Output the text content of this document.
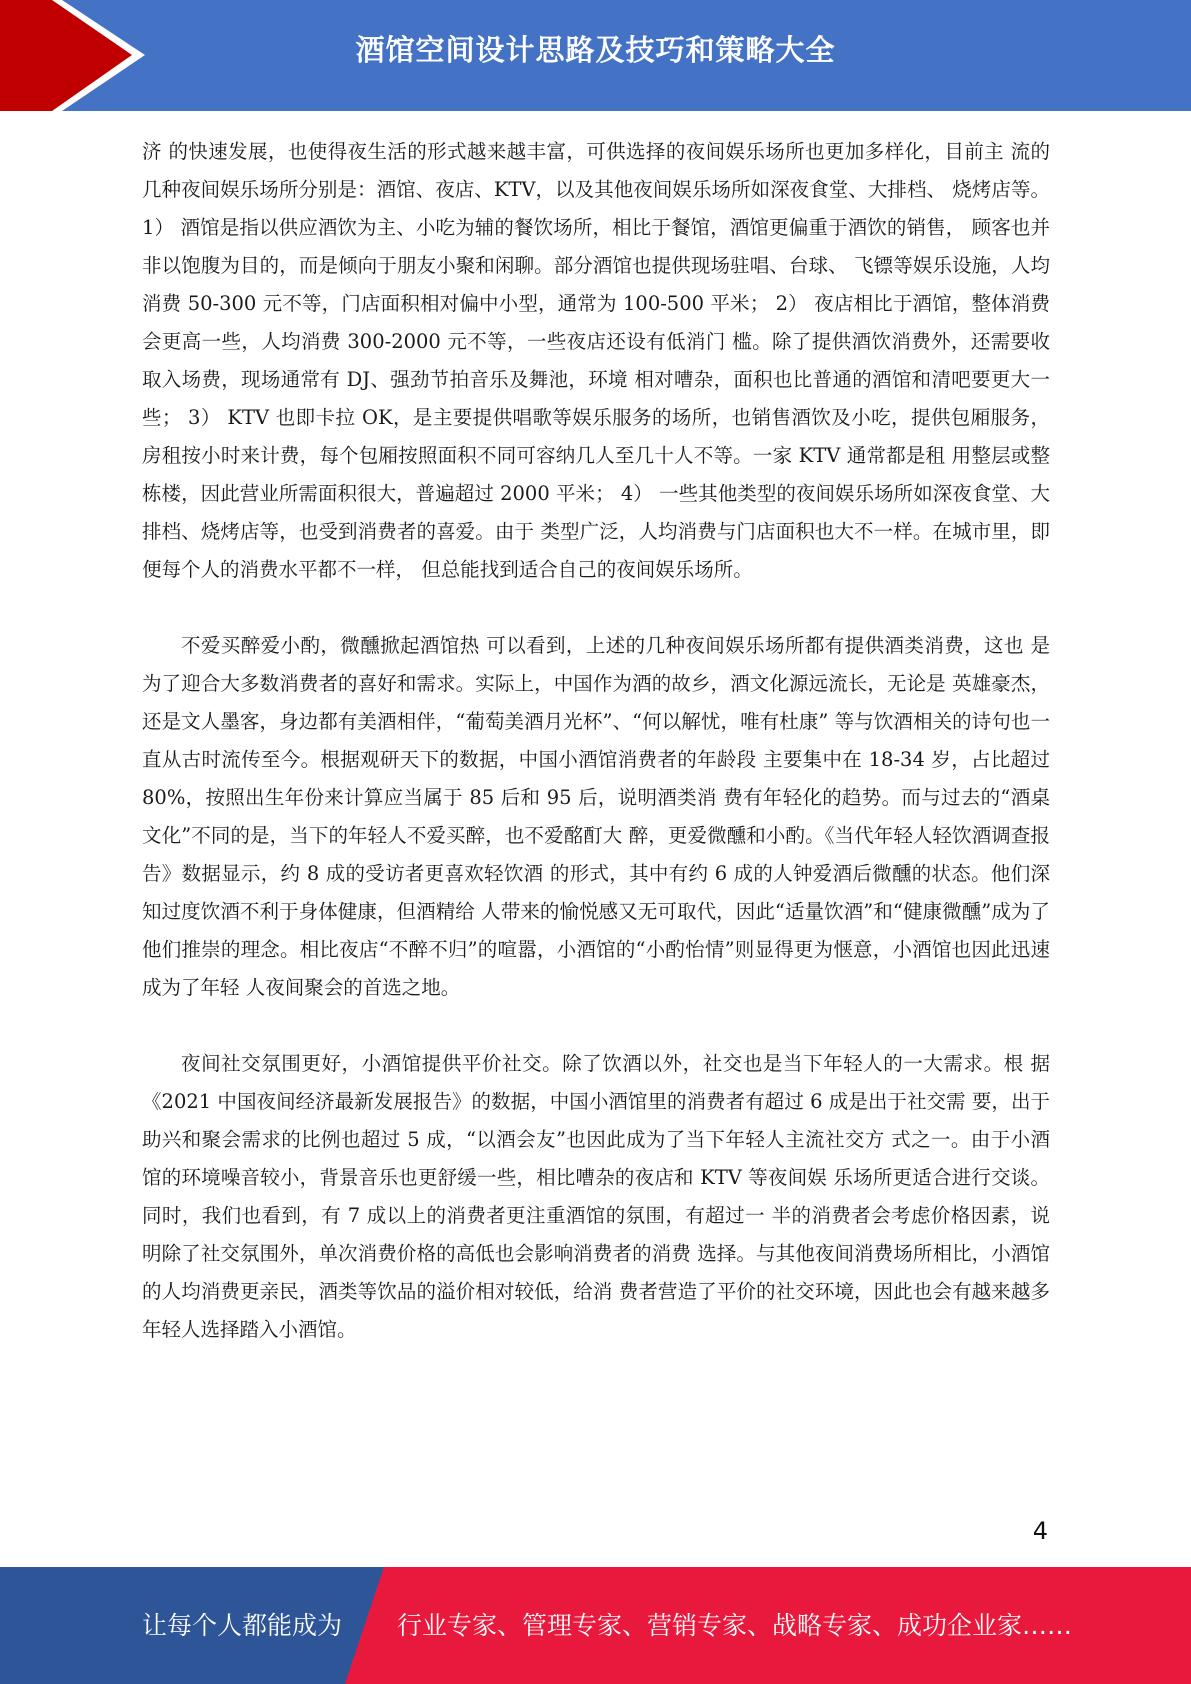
酒馆空间设计思路及技巧和策略大全

济 的快速发展，也使得夜生活的形式越来越丰富，可供选择的夜间娱乐场所也更加多样化，目前主 流的几种夜间娱乐场所分别是：酒馆、夜店、KTV，以及其他夜间娱乐场所如深夜食堂、大排档、 烧烤店等。 1） 酒馆是指以供应酒饮为主、小吃为辅的餐饮场所，相比于餐馆，酒馆更偏重于酒饮的销售， 顾客也并非以饱腹为目的，而是倾向于朋友小聚和闲聊。部分酒馆也提供现场驻唱、台球、 飞镖等娱乐设施，人均消费 50-300 元不等，门店面积相对偏中小型，通常为 100-500 平米； 2） 夜店相比于酒馆，整体消费会更高一些，人均消费 300-2000 元不等，一些夜店还设有低消门 槛。除了提供酒饮消费外，还需要收取入场费，现场通常有 DJ、强劲节拍音乐及舞池，环境 相对嘈杂，面积也比普通的酒馆和清吧要更大一些； 3） KTV 也即卡拉 OK，是主要提供唱歌等娱乐服务的场所，也销售酒饮及小吃，提供包厢服务， 房租按小时来计费，每个包厢按照面积不同可容纳几人至几十人不等。一家 KTV 通常都是租 用整层或整栋楼，因此营业所需面积很大，普遍超过 2000 平米； 4） 一些其他类型的夜间娱乐场所如深夜食堂、大排档、烧烤店等，也受到消费者的喜爱。由于 类型广泛，人均消费与门店面积也大不一样。在城市里，即便每个人的消费水平都不一样， 但总能找到适合自己的夜间娱乐场所。

不爱买醉爱小酌，微醺掀起酒馆热 可以看到，上述的几种夜间娱乐场所都有提供酒类消费，这也 是为了迎合大多数消费者的喜好和需求。实际上，中国作为酒的故乡，酒文化源远流长，无论是 英雄豪杰，还是文人墨客，身边都有美酒相伴，“葡萄美酒月光杯”、“何以解忧，唯有杜康” 等与饮酒相关的诗句也一直从古时流传至今。根据观研天下的数据，中国小酒馆消费者的年龄段 主要集中在 18-34 岁，占比超过 80%，按照出生年份来计算应当属于 85 后和 95 后，说明酒类消 费有年轻化的趋势。而与过去的“酒桌文化”不同的是，当下的年轻人不爱买醉，也不爱酩酊大 醉，更爱微醺和小酌。《当代年轻人轻饮酒调查报告》数据显示，约 8 成的受访者更喜欢轻饮酒 的形式，其中有约 6 成的人钟爱酒后微醺的状态。他们深知过度饮酒不利于身体健康，但酒精给 人带来的愉悦感又无可取代，因此“适量饮酒”和“健康微醺”成为了他们推崇的理念。相比夜店“不醉不归”的喧嚣，小酒馆的“小酌怡情”则显得更为惬意，小酒馆也因此迅速成为了年轻 人夜间聚会的首选之地。

夜间社交氛围更好，小酒馆提供平价社交。除了饮酒以外，社交也是当下年轻人的一大需求。根 据《2021 中国夜间经济最新发展报告》的数据，中国小酒馆里的消费者有超过 6 成是出于社交需 要，出于助兴和聚会需求的比例也超过 5 成，“以酒会友”也因此成为了当下年轻人主流社交方 式之一。由于小酒馆的环境噪音较小，背景音乐也更舒缓一些，相比嘈杂的夜店和 KTV 等夜间娱 乐场所更适合进行交谈。同时，我们也看到，有 7 成以上的消费者更注重酒馆的氛围，有超过一 半的消费者会考虑价格因素，说明除了社交氛围外，单次消费价格的高低也会影响消费者的消费 选择。与其他夜间消费场所相比，小酒馆的人均消费更亲民，酒类等饮品的溢价相对较低，给消 费者营造了平价的社交环境，因此也会有越来越多年轻人选择踏入小酒馆。

4
让每个人都能成为 行业专家、管理专家、营销专家、战略专家、成功企业家……
